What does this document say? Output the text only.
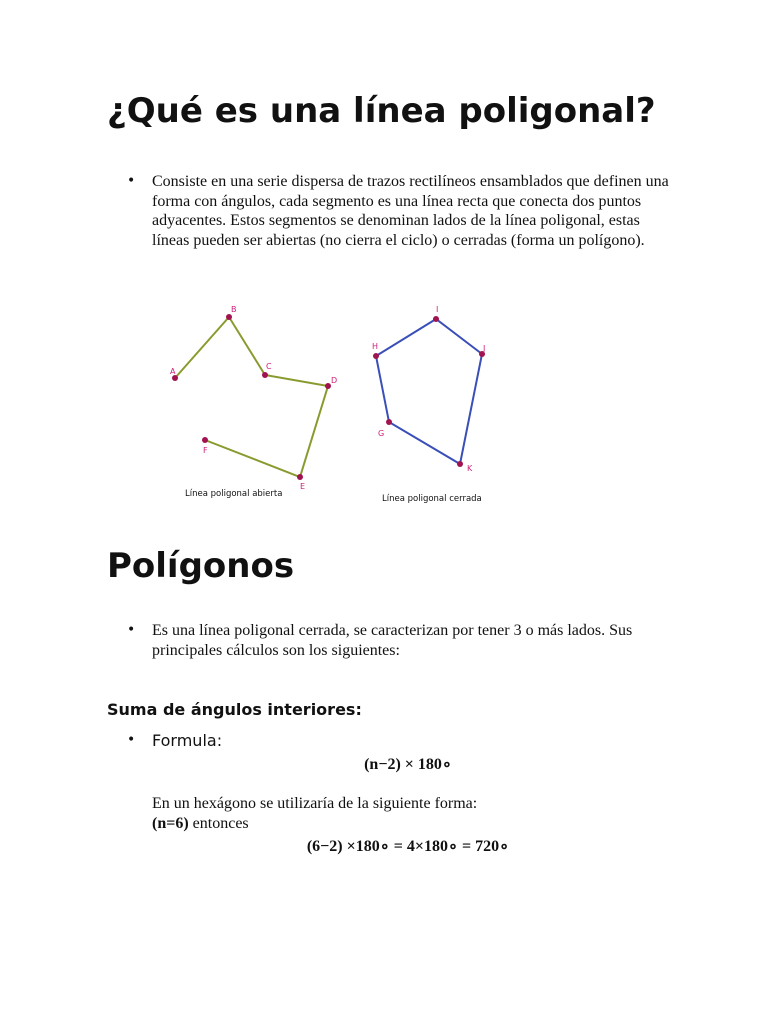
¿Qué es una línea poligonal?
• Consiste en una serie dispersa de trazos rectilíneos ensamblados que definen una forma con ángulos, cada segmento es una línea recta que conecta dos puntos adyacentes. Estos segmentos se denominan lados de la línea poligonal, estas líneas pueden ser abiertas (no cierra el ciclo) o cerradas (forma un polígono).
A
B
C
D
E
F
Línea poligonal abierta
H
I
J
K
G
Línea poligonal cerrada
Polígonos
• Es una línea poligonal cerrada, se caracterizan por tener 3 o más lados. Sus principales cálculos son los siguientes:
Suma de ángulos interiores:
• Formula:
(n−2) × 180∘
En un hexágono se utilizaría de la siguiente forma:
(n=6) entonces
(6−2) ×180∘ = 4×180∘ = 720∘
